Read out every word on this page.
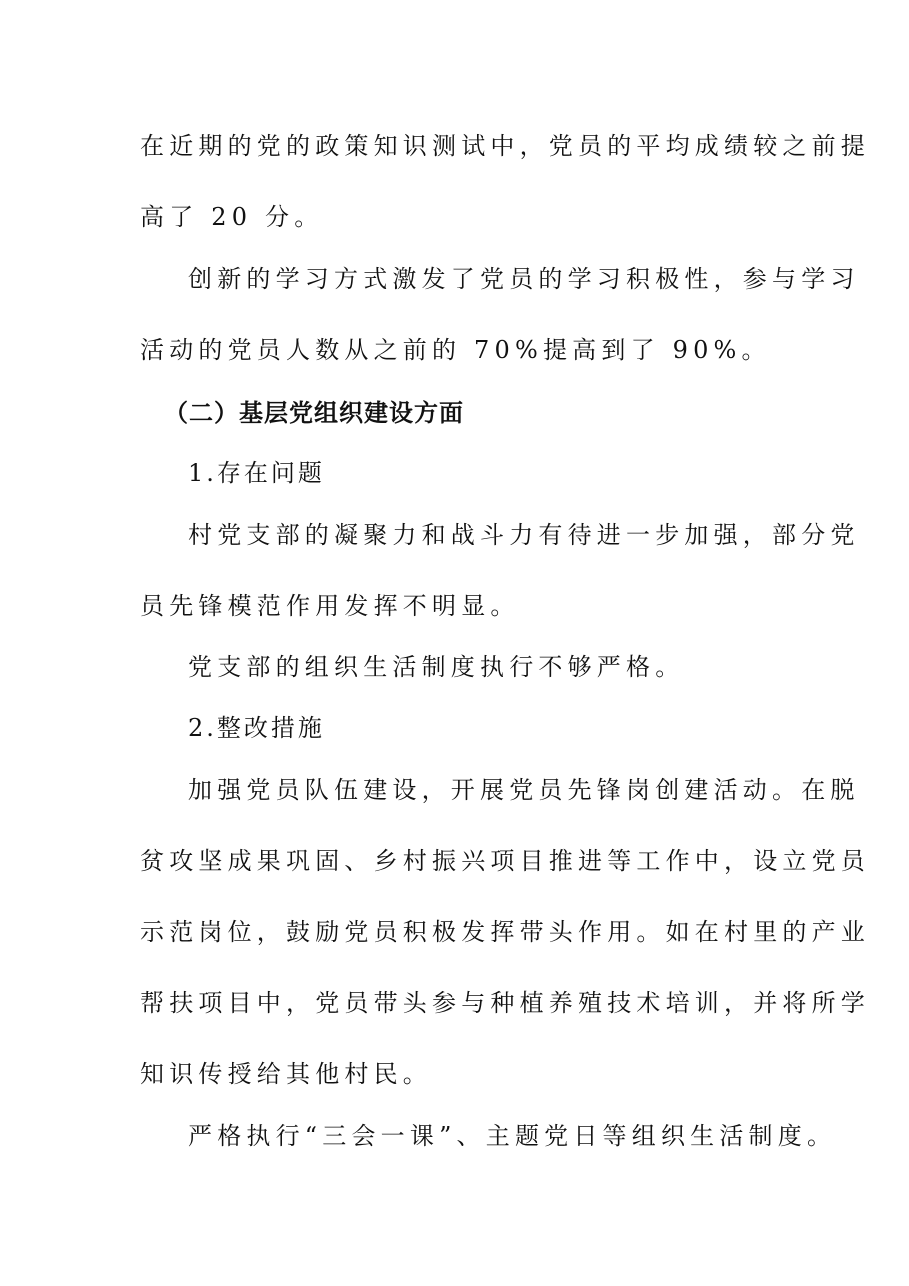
在近期的党的政策知识测试中，党员的平均成绩较之前提
高了 20 分。
创新的学习方式激发了党员的学习积极性，参与学习
活动的党员人数从之前的 70%提高到了 90%。
（二）基层党组织建设方面
1.存在问题
村党支部的凝聚力和战斗力有待进一步加强，部分党
员先锋模范作用发挥不明显。
党支部的组织生活制度执行不够严格。
2.整改措施
加强党员队伍建设，开展党员先锋岗创建活动。在脱
贫攻坚成果巩固、乡村振兴项目推进等工作中，设立党员
示范岗位，鼓励党员积极发挥带头作用。如在村里的产业
帮扶项目中，党员带头参与种植养殖技术培训，并将所学
知识传授给其他村民。
严格执行“三会一课”、主题党日等组织生活制度。
